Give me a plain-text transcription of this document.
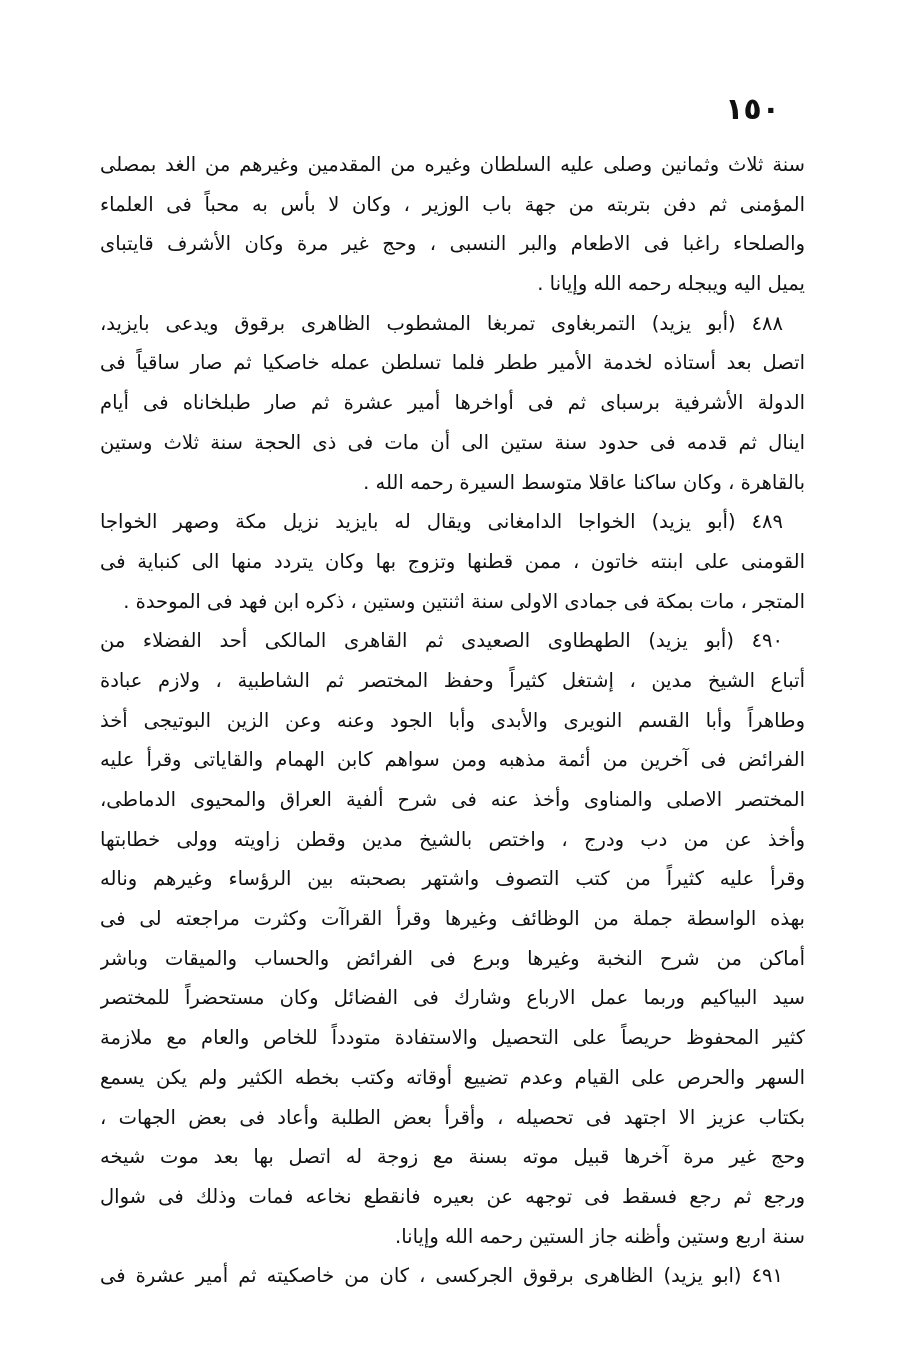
١٥٠
سنة ثلاث وثمانين وصلى عليه السلطان وغيره من المقدمين وغيرهم من الغد بمصلى
المؤمنى ثم دفن بتربته من جهة باب الوزير ، وكان لا بأس به محباً فى العلماء
والصلحاء راغبا فى الاطعام والبر النسبى ، وحج غير مرة وكان الأشرف قايتباى
يميل اليه ويبجله رحمه الله وإيانا .
٤٨٨ (أبو يزيد) التمربغاوى تمربغا المشطوب الظاهرى برقوق ويدعى بايزيد،
اتصل بعد أستاذه لخدمة الأمير ططر فلما تسلطن عمله خاصكيا ثم صار ساقياً فى
الدولة الأشرفية برسباى ثم فى أواخرها أمير عشرة ثم صار طبلخاناه فى أيام
اينال ثم قدمه فى حدود سنة ستين الى أن مات فى ذى الحجة سنة ثلاث وستين
بالقاهرة ، وكان ساكنا عاقلا متوسط السيرة رحمه الله .
٤٨٩ (أبو يزيد) الخواجا الدامغانى ويقال له بايزيد نزيل مكة وصهر الخواجا
القومنى على ابنته خاتون ، ممن قطنها وتزوج بها وكان يتردد منها الى كنباية فى
المتجر ، مات بمكة فى جمادى الاولى سنة اثنتين وستين ، ذكره ابن فهد فى الموحدة .
٤٩٠ (أبو يزيد) الطهطاوى الصعيدى ثم القاهرى المالكى أحد الفضلاء من
أتباع الشيخ مدين ، إشتغل كثيراً وحفظ المختصر ثم الشاطبية ، ولازم عبادة
وطاهراً وأبا القسم النويرى والأبدى وأبا الجود وعنه وعن الزين البوتيجى أخذ
الفرائض فى آخرين من أئمة مذهبه ومن سواهم كابن الهمام والقاياتى وقرأ عليه
المختصر الاصلى والمناوى وأخذ عنه فى شرح ألفية العراق والمحيوى الدماطى،
وأخذ عن من دب ودرج ، واختص بالشيخ مدين وقطن زاويته وولى خطابتها
وقرأ عليه كثيراً من كتب التصوف واشتهر بصحبته بين الرؤساء وغيرهم وناله
بهذه الواسطة جملة من الوظائف وغيرها وقرأ القراآت وكثرت مراجعته لى فى
أماكن من شرح النخبة وغيرها وبرع فى الفرائض والحساب والميقات وباشر
سيد البياكيم وربما عمل الارباع وشارك فى الفضائل وكان مستحضراً للمختصر
كثير المحفوظ حريصاً على التحصيل والاستفادة متودداً للخاص والعام مع ملازمة
السهر والحرص على القيام وعدم تضييع أوقاته وكتب بخطه الكثير ولم يكن يسمع
بكتاب عزيز الا اجتهد فى تحصيله ، وأقرأ بعض الطلبة وأعاد فى بعض الجهات ،
وحج غير مرة آخرها قبيل موته بسنة مع زوجة له اتصل بها بعد موت شيخه
ورجع ثم رجع فسقط فى توجهه عن بعيره فانقطع نخاعه فمات وذلك فى شوال
سنة اربع وستين وأظنه جاز الستين رحمه الله وإيانا.
٤٩١ (ابو يزيد) الظاهرى برقوق الجركسى ، كان من خاصكيته ثم أمير عشرة فى
